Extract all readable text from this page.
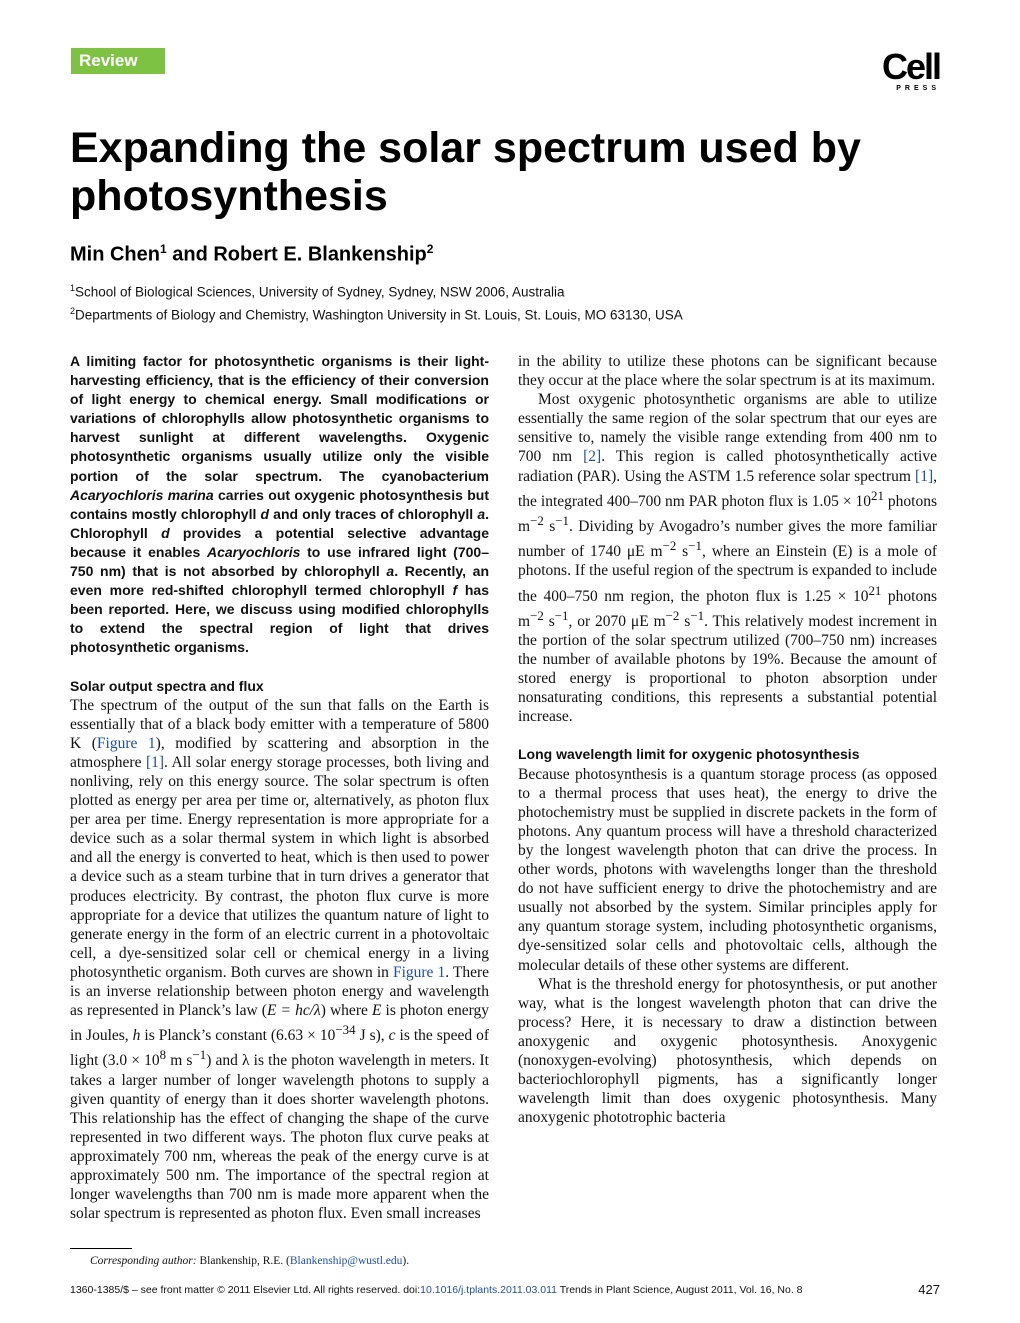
Review	Cell
PRESS
Expanding the solar spectrum used by photosynthesis
Min Chen$^1$ and Robert E. Blankenship$^2$
$^1$School of Biological Sciences, University of Sydney, Sydney, NSW 2006, Australia
$^2$Departments of Biology and Chemistry, Washington University in St. Louis, St. Louis, MO 63130, USA

A limiting factor for photosynthetic organisms is their light-harvesting efficiency, that is the efficiency of their conversion of light energy to chemical energy. Small modifications or variations of chlorophylls allow photosynthetic organisms to harvest sunlight at different wavelengths. Oxygenic photosynthetic organisms usually utilize only the visible portion of the solar spectrum. The cyanobacterium Acaryochloris marina carries out oxygenic photosynthesis but contains mostly chlorophyll d and only traces of chlorophyll a. Chlorophyll d provides a potential selective advantage because it enables Acaryochloris to use infrared light (700–750 nm) that is not absorbed by chlorophyll a. Recently, an even more red-shifted chlorophyll termed chlorophyll f has been reported. Here, we discuss using modified chlorophylls to extend the spectral region of light that drives photosynthetic organisms.

Solar output spectra and flux

The spectrum of the output of the sun that falls on the Earth is essentially that of a black body emitter with a temperature of 5800 K (Figure 1), modified by scattering and absorption in the atmosphere [1]. All solar energy storage processes, both living and nonliving, rely on this energy source. The solar spectrum is often plotted as energy per area per time or, alternatively, as photon flux per area per time. Energy representation is more appropriate for a device such as a solar thermal system in which light is absorbed and all the energy is converted to heat, which is then used to power a device such as a steam turbine that in turn drives a generator that produces electricity. By contrast, the photon flux curve is more appropriate for a device that utilizes the quantum nature of light to generate energy in the form of an electric current in a photovoltaic cell, a dye-sensitized solar cell or chemical energy in a living photosynthetic organism. Both curves are shown in Figure 1. There is an inverse relationship between photon energy and wavelength as represented in Planck’s law (E = hc/λ) where E is photon energy in Joules, h is Planck’s constant ($6.63 \times 10^{-34}$ J s), c is the speed of light ($3.0 \times 10^8$ m $s^{-1}$) and λ is the photon wavelength in meters. It takes a larger number of longer wavelength photons to supply a given quantity of energy than it does shorter wavelength photons. This relationship has the effect of changing the shape of the curve represented in two different ways. The photon flux curve peaks at approximately 700 nm, whereas the peak of the energy curve is at approximately 500 nm. The importance of the spectral region at longer wavelengths than 700 nm is made more apparent when the solar spectrum is represented as photon flux. Even small increases

Corresponding author: Blankenship, R.E. (Blankenship@wustl.edu).
1360-1385/$ – see front matter © 2011 Elsevier Ltd. All rights reserved. doi:10.1016/j.tplants.2011.03.011 Trends in Plant Science, August 2011, Vol. 16, No. 8	427

in the ability to utilize these photons can be significant because they occur at the place where the solar spectrum is at its maximum.

Most oxygenic photosynthetic organisms are able to utilize essentially the same region of the solar spectrum that our eyes are sensitive to, namely the visible range extending from 400 nm to 700 nm [2]. This region is called photosynthetically active radiation (PAR). Using the ASTM 1.5 reference solar spectrum [1], the integrated 400–700 nm PAR photon flux is $1.05 \times 10^{21}$ photons $m^{-2}$ $s^{-1}$. Dividing by Avogadro’s number gives the more familiar number of 1740 μE $m^{-2}$ $s^{-1}$, where an Einstein (E) is a mole of photons. If the useful region of the spectrum is expanded to include the 400–750 nm region, the photon flux is $1.25 \times 10^{21}$ photons $m^{-2}$ $s^{-1}$, or 2070 μE $m^{-2}$ $s^{-1}$. This relatively modest increment in the portion of the solar spectrum utilized (700–750 nm) increases the number of available photons by 19%. Because the amount of stored energy is proportional to photon absorption under nonsaturating conditions, this represents a substantial potential increase.

Long wavelength limit for oxygenic photosynthesis

Because photosynthesis is a quantum storage process (as opposed to a thermal process that uses heat), the energy to drive the photochemistry must be supplied in discrete packets in the form of photons. Any quantum process will have a threshold characterized by the longest wavelength photon that can drive the process. In other words, photons with wavelengths longer than the threshold do not have sufficient energy to drive the photochemistry and are usually not absorbed by the system. Similar principles apply for any quantum storage system, including photosynthetic organisms, dye-sensitized solar cells and photovoltaic cells, although the molecular details of these other systems are different.

What is the threshold energy for photosynthesis, or put another way, what is the longest wavelength photon that can drive the process? Here, it is necessary to draw a distinction between anoxygenic and oxygenic photosynthesis. Anoxygenic (nonoxygen-evolving) photosynthesis, which depends on bacteriochlorophyll pigments, has a significantly longer wavelength limit than does oxygenic photosynthesis. Many anoxygenic phototrophic bacteria
